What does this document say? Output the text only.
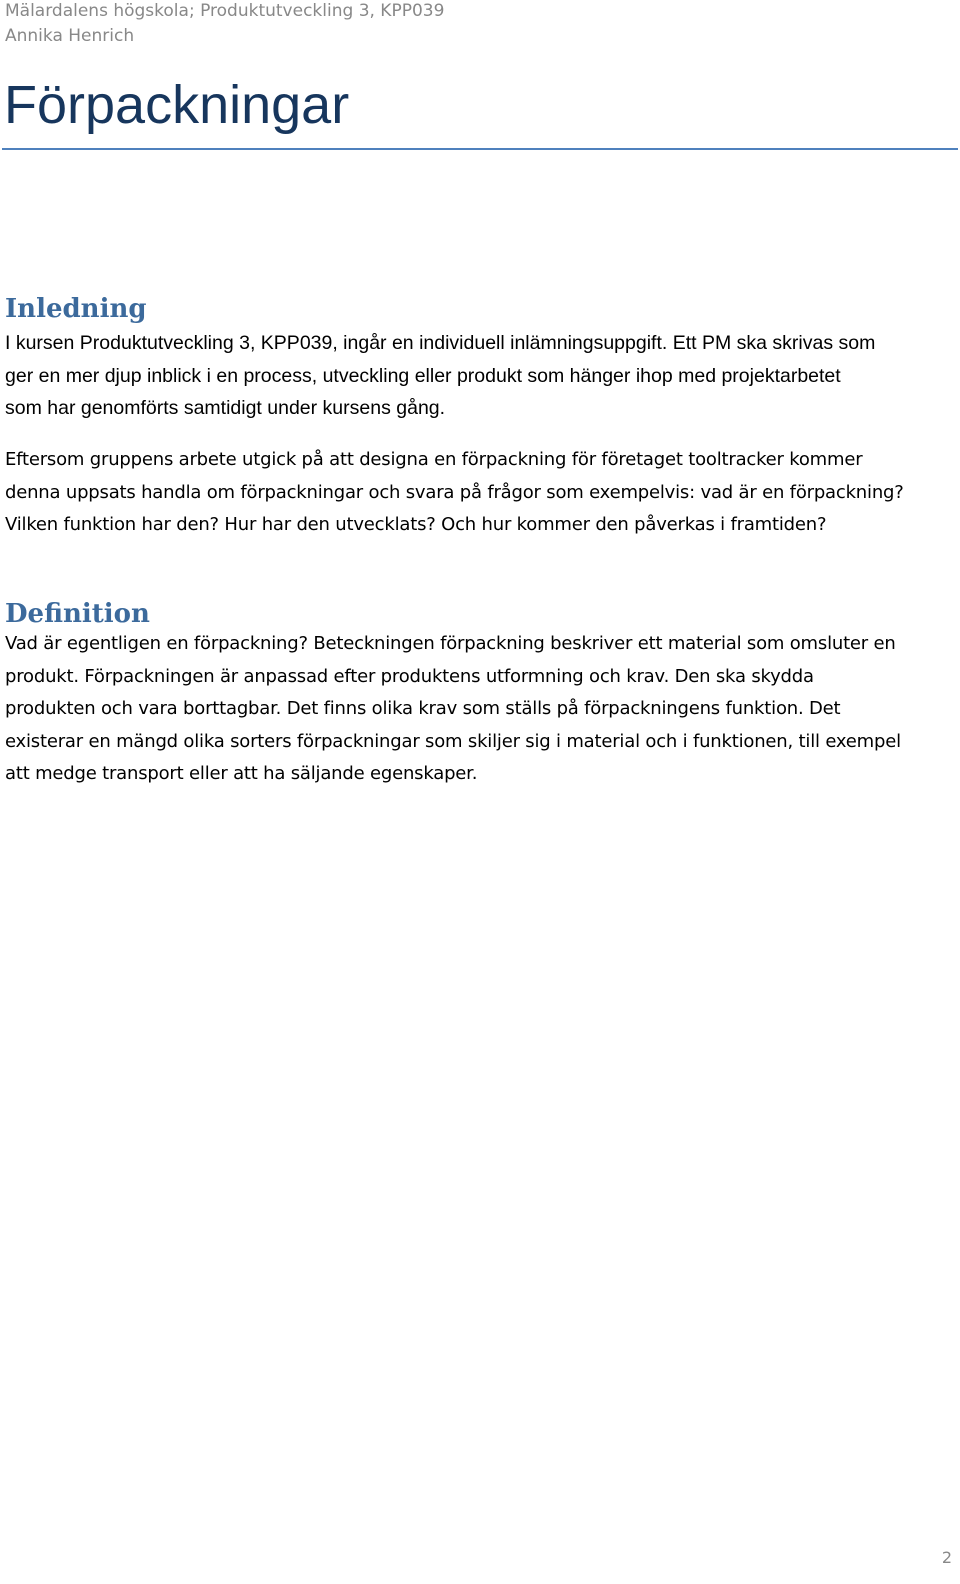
Mälardalens högskola; Produktutveckling 3, KPP039
Annika Henrich
Förpackningar
Inledning
I kursen Produktutveckling 3, KPP039, ingår en individuell inlämningsuppgift. Ett PM ska skrivas som
ger en mer djup inblick i en process, utveckling eller produkt som hänger ihop med projektarbetet
som har genomförts samtidigt under kursens gång.
Eftersom gruppens arbete utgick på att designa en förpackning för företaget tooltracker kommer
denna uppsats handla om förpackningar och svara på frågor som exempelvis: vad är en förpackning?
Vilken funktion har den? Hur har den utvecklats? Och hur kommer den påverkas i framtiden?
Definition
Vad är egentligen en förpackning? Beteckningen förpackning beskriver ett material som omsluter en
produkt. Förpackningen är anpassad efter produktens utformning och krav. Den ska skydda
produkten och vara borttagbar. Det finns olika krav som ställs på förpackningens funktion. Det
existerar en mängd olika sorters förpackningar som skiljer sig i material och i funktionen, till exempel
att medge transport eller att ha säljande egenskaper.
2
